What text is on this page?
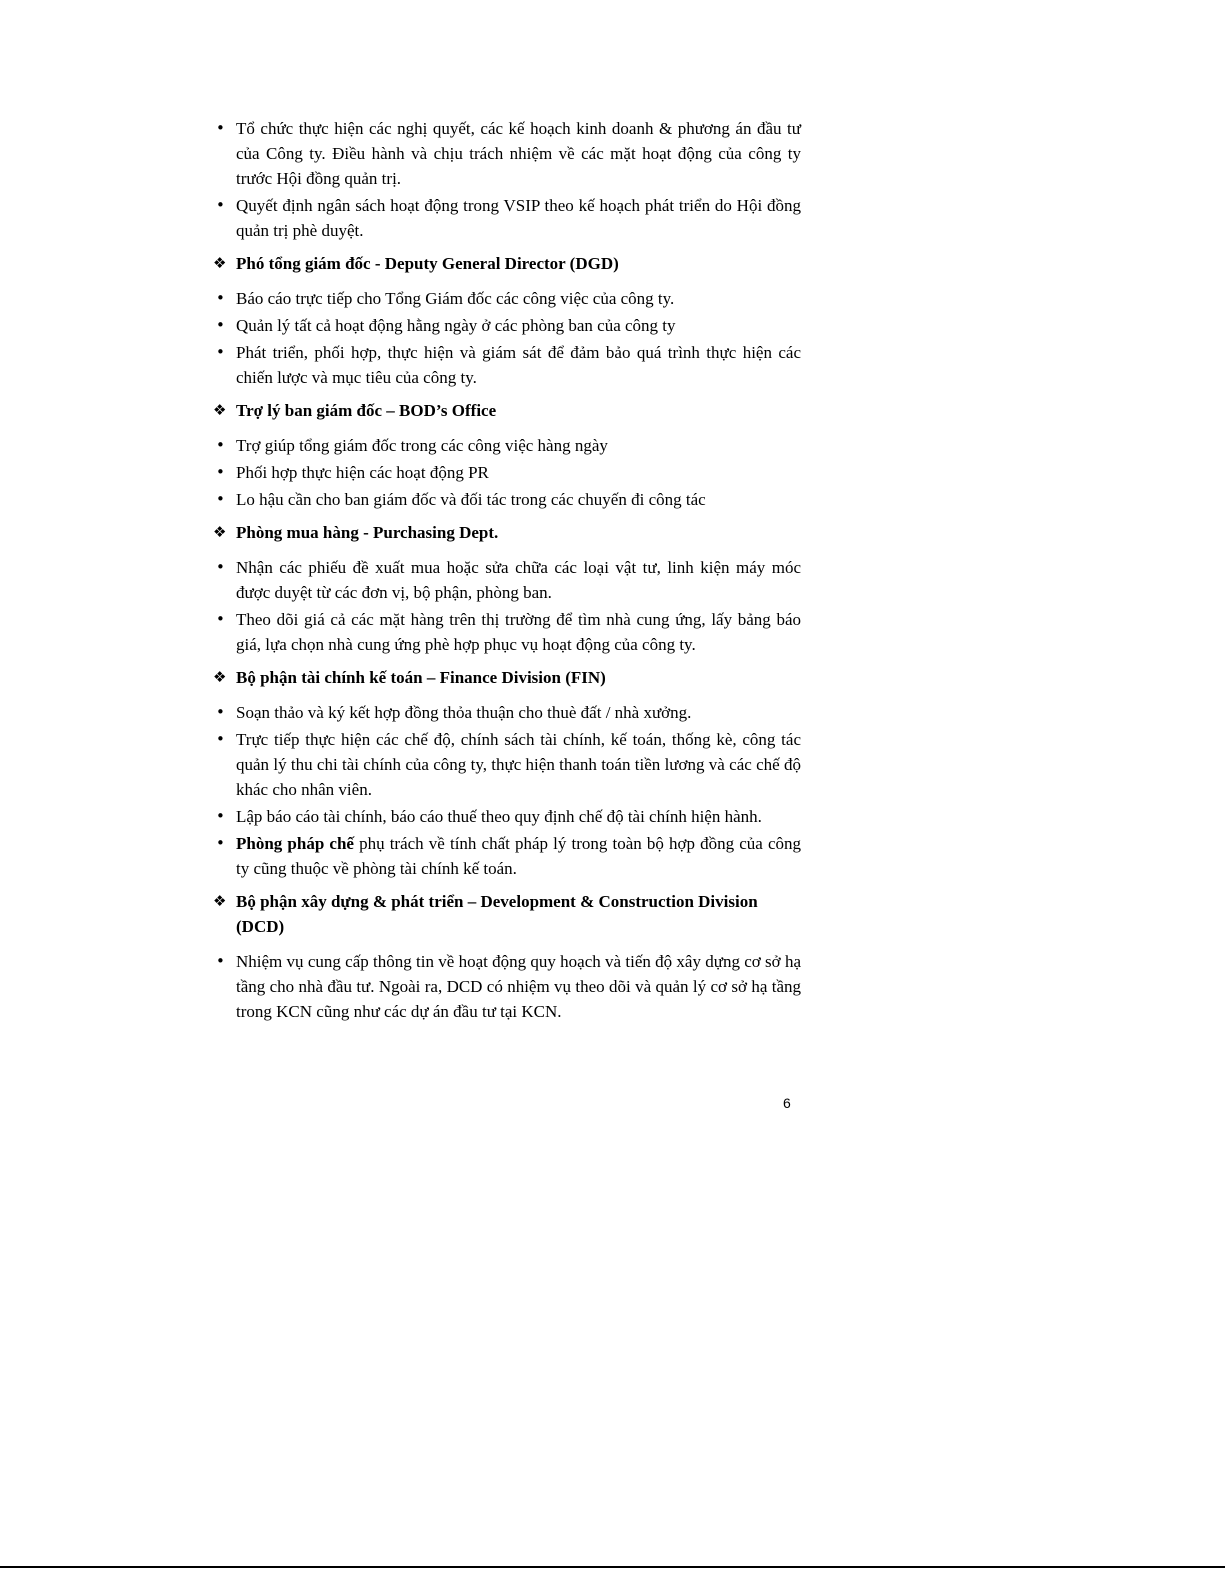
• Tổ chức thực hiện các nghị quyết, các kế hoạch kinh doanh & phương án đầu tư của Công ty. Điều hành và chịu trách nhiệm về các mặt hoạt động của công ty trước Hội đồng quản trị.
• Quyết định ngân sách hoạt động trong VSIP theo kế hoạch phát triển do Hội đồng quản trị phè duyệt.
❖ Phó tổng giám đốc - Deputy General Director (DGD)
• Báo cáo trực tiếp cho Tổng Giám đốc các công việc của công ty.
• Quản lý tất cả hoạt động hằng ngày ở các phòng ban của công ty
• Phát triển, phối hợp, thực hiện và giám sát để đảm bảo quá trình thực hiện các chiến lược và mục tiêu của công ty.
❖ Trợ lý ban giám đốc – BOD’s Office
• Trợ giúp tổng giám đốc trong các công việc hàng ngày
• Phối hợp thực hiện các hoạt động PR
• Lo hậu cần cho ban giám đốc và đối tác trong các chuyến đi công tác
❖ Phòng mua hàng - Purchasing Dept.
• Nhận các phiếu đề xuất mua hoặc sửa chữa các loại vật tư, linh kiện máy móc được duyệt từ các đơn vị, bộ phận, phòng ban.
• Theo dõi giá cả các mặt hàng trên thị trường để tìm nhà cung ứng, lấy bảng báo giá, lựa chọn nhà cung ứng phè hợp phục vụ hoạt động của công ty.
❖ Bộ phận tài chính kế toán – Finance Division (FIN)
• Soạn thảo và ký kết hợp đồng thỏa thuận cho thuè đất / nhà xưởng.
• Trực tiếp thực hiện các chế độ, chính sách tài chính, kế toán, thống kè, công tác quản lý thu chi tài chính của công ty, thực hiện thanh toán tiền lương và các chế độ khác cho nhân viên.
• Lập báo cáo tài chính, báo cáo thuế theo quy định chế độ tài chính hiện hành.
• Phòng pháp chế phụ trách về tính chất pháp lý trong toàn bộ hợp đồng của công ty cũng thuộc về phòng tài chính kế toán.
❖ Bộ phận xây dựng & phát triển – Development & Construction Division (DCD)
• Nhiệm vụ cung cấp thông tin về hoạt động quy hoạch và tiến độ xây dựng cơ sở hạ tầng cho nhà đầu tư. Ngoài ra, DCD có nhiệm vụ theo dõi và quản lý cơ sở hạ tầng trong KCN cũng như các dự án đầu tư tại KCN.
6
